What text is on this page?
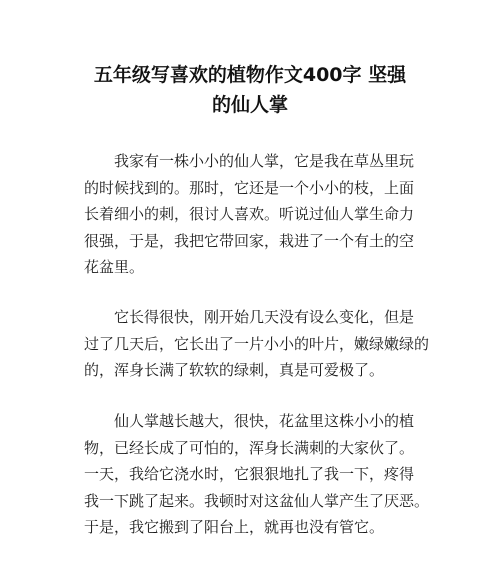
五年级写喜欢的植物作文400字 坚强
的仙人掌
我家有一株小小的仙人掌，它是我在草丛里玩
的时候找到的。那时，它还是一个小小的枝，上面
长着细小的刺，很讨人喜欢。听说过仙人掌生命力
很强，于是，我把它带回家，栽进了一个有土的空
花盆里。
它长得很快，刚开始几天没有设么变化，但是
过了几天后，它长出了一片小小的叶片，嫩绿嫩绿的
的，浑身长满了软软的绿刺，真是可爱极了。
仙人掌越长越大，很快，花盆里这株小小的植
物，已经长成了可怕的，浑身长满刺的大家伙了。
一天，我给它浇水时，它狠狠地扎了我一下，疼得
我一下跳了起来。我顿时对这盆仙人掌产生了厌恶。
于是，我它搬到了阳台上，就再也没有管它。
